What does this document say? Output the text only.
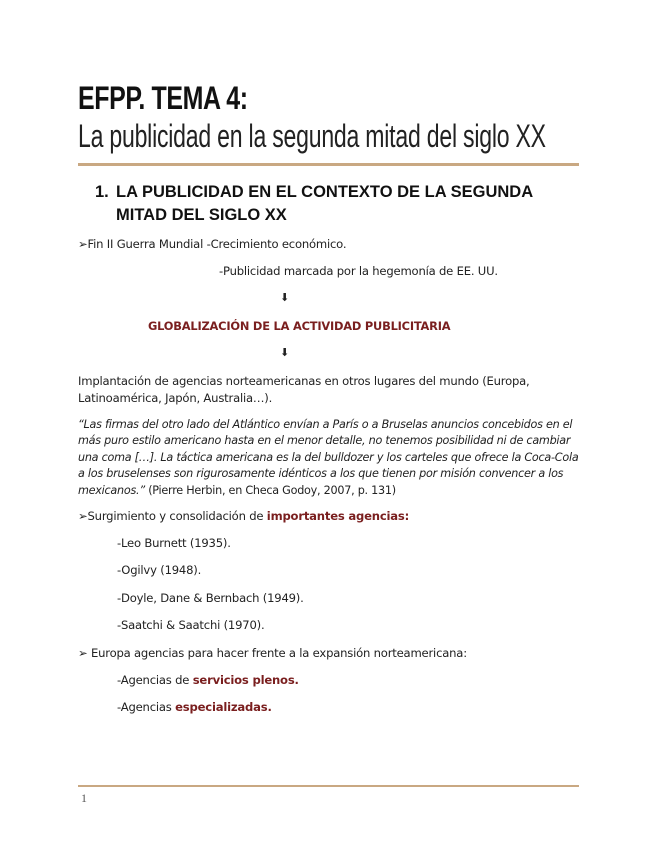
EFPP. TEMA 4:
La publicidad en la segunda mitad del siglo XX
1. LA PUBLICIDAD EN EL CONTEXTO DE LA SEGUNDA MITAD DEL SIGLO XX
➢Fin II Guerra Mundial -Crecimiento económico.
-Publicidad marcada por la hegemonía de EE. UU.
⬇
GLOBALIZACIÓN DE LA ACTIVIDAD PUBLICITARIA
⬇
Implantación de agencias norteamericanas en otros lugares del mundo (Europa, Latinoamérica, Japón, Australia…).
“Las firmas del otro lado del Atlántico envían a París o a Bruselas anuncios concebidos en el más puro estilo americano hasta en el menor detalle, no tenemos posibilidad ni de cambiar una coma […]. La táctica americana es la del bulldozer y los carteles que ofrece la Coca-Cola a los bruselenses son rigurosamente idénticos a los que tienen por misión convencer a los mexicanos.” (Pierre Herbin, en Checa Godoy, 2007, p. 131)
➢Surgimiento y consolidación de importantes agencias:
-Leo Burnett (1935).
-Ogilvy (1948).
-Doyle, Dane & Bernbach (1949).
-Saatchi & Saatchi (1970).
➢ Europa agencias para hacer frente a la expansión norteamericana:
-Agencias de servicios plenos.
-Agencias especializadas.
1
